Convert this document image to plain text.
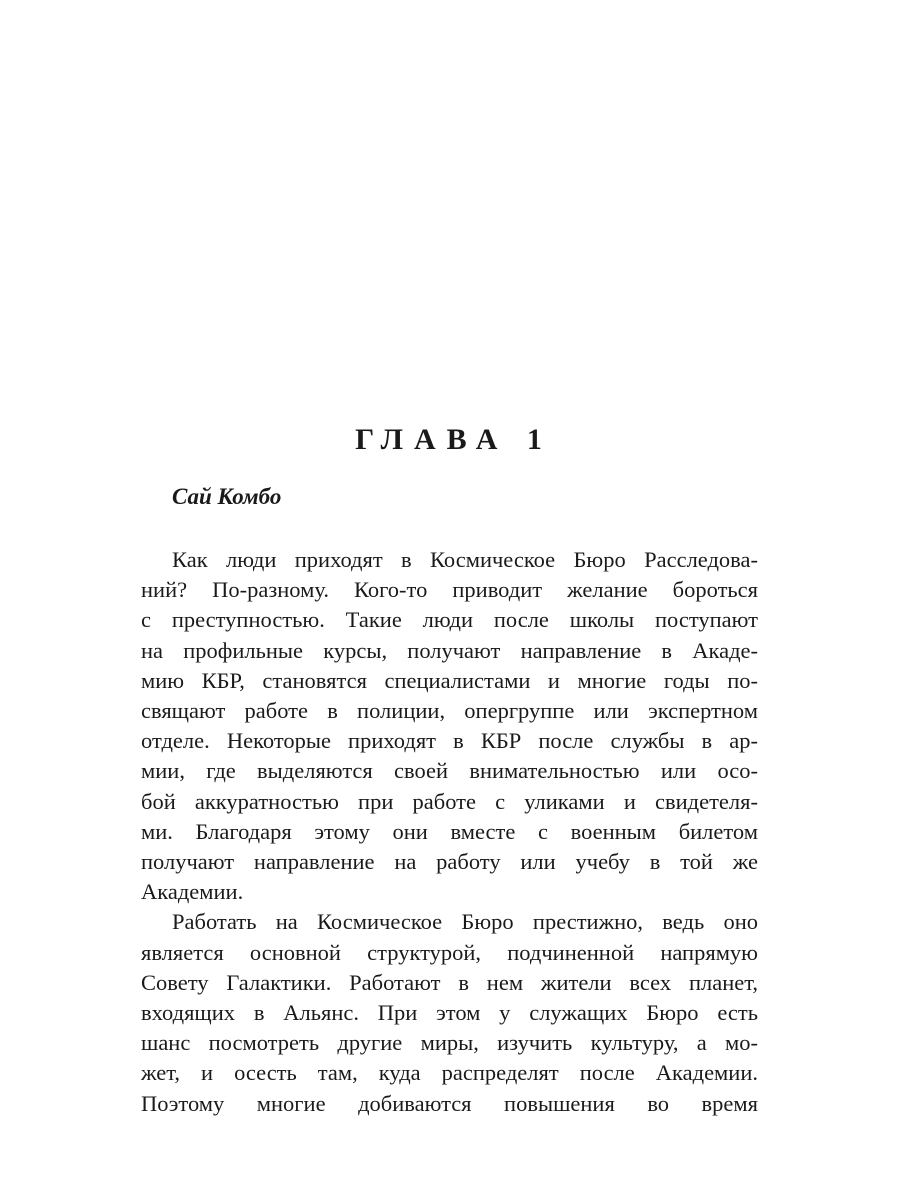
ГЛАВА 1
Сай Комбо
Как люди приходят в Космическое Бюро Расследова-
ний? По-разному. Кого-то приводит желание бороться
с преступностью. Такие люди после школы поступают
на профильные курсы, получают направление в Акаде-
мию КБР, становятся специалистами и многие годы по-
свящают работе в полиции, опергруппе или экспертном
отделе. Некоторые приходят в КБР после службы в ар-
мии, где выделяются своей внимательностью или осо-
бой аккуратностью при работе с уликами и свидетеля-
ми. Благодаря этому они вместе с военным билетом
получают направление на работу или учебу в той же
Академии.
Работать на Космическое Бюро престижно, ведь оно
является основной структурой, подчиненной напрямую
Совету Галактики. Работают в нем жители всех планет,
входящих в Альянс. При этом у служащих Бюро есть
шанс посмотреть другие миры, изучить культуру, а мо-
жет, и осесть там, куда распределят после Академии.
Поэтому многие добиваются повышения во время
